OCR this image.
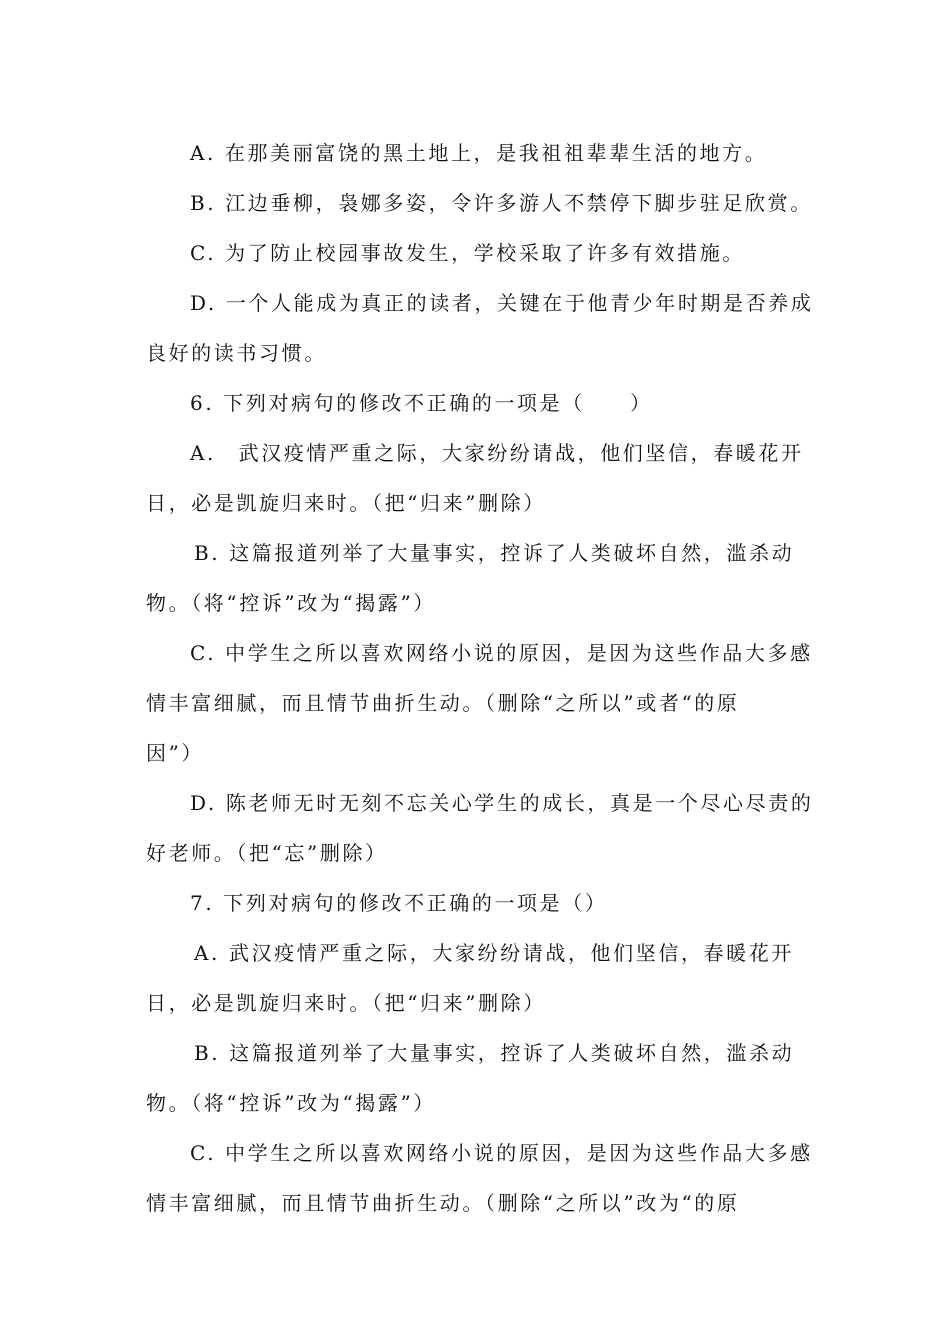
A. 在那美丽富饶的黑土地上，是我祖祖辈辈生活的地方。
B. 江边垂柳，袅娜多姿，令许多游人不禁停下脚步驻足欣赏。
C. 为了防止校园事故发生，学校采取了许多有效措施。
D. 一个人能成为真正的读者，关键在于他青少年时期是否养成
良好的读书习惯。
6. 下列对病句的修改不正确的一项是（　　）
A.　武汉疫情严重之际，大家纷纷请战，他们坚信，春暖花开
日，必是凯旋归来时。（把“归来”删除）
B. 这篇报道列举了大量事实，控诉了人类破坏自然，滥杀动
物。（将“控诉”改为“揭露”）
C. 中学生之所以喜欢网络小说的原因，是因为这些作品大多感
情丰富细腻，而且情节曲折生动。（删除“之所以”或者“的原
因”）
D. 陈老师无时无刻不忘关心学生的成长，真是一个尽心尽责的
好老师。（把“忘”删除）
7. 下列对病句的修改不正确的一项是（）
A. 武汉疫情严重之际，大家纷纷请战，他们坚信，春暖花开
日，必是凯旋归来时。（把“归来”删除）
B. 这篇报道列举了大量事实，控诉了人类破坏自然，滥杀动
物。（将“控诉”改为“揭露”）
C. 中学生之所以喜欢网络小说的原因，是因为这些作品大多感
情丰富细腻，而且情节曲折生动。（删除“之所以”改为“的原
